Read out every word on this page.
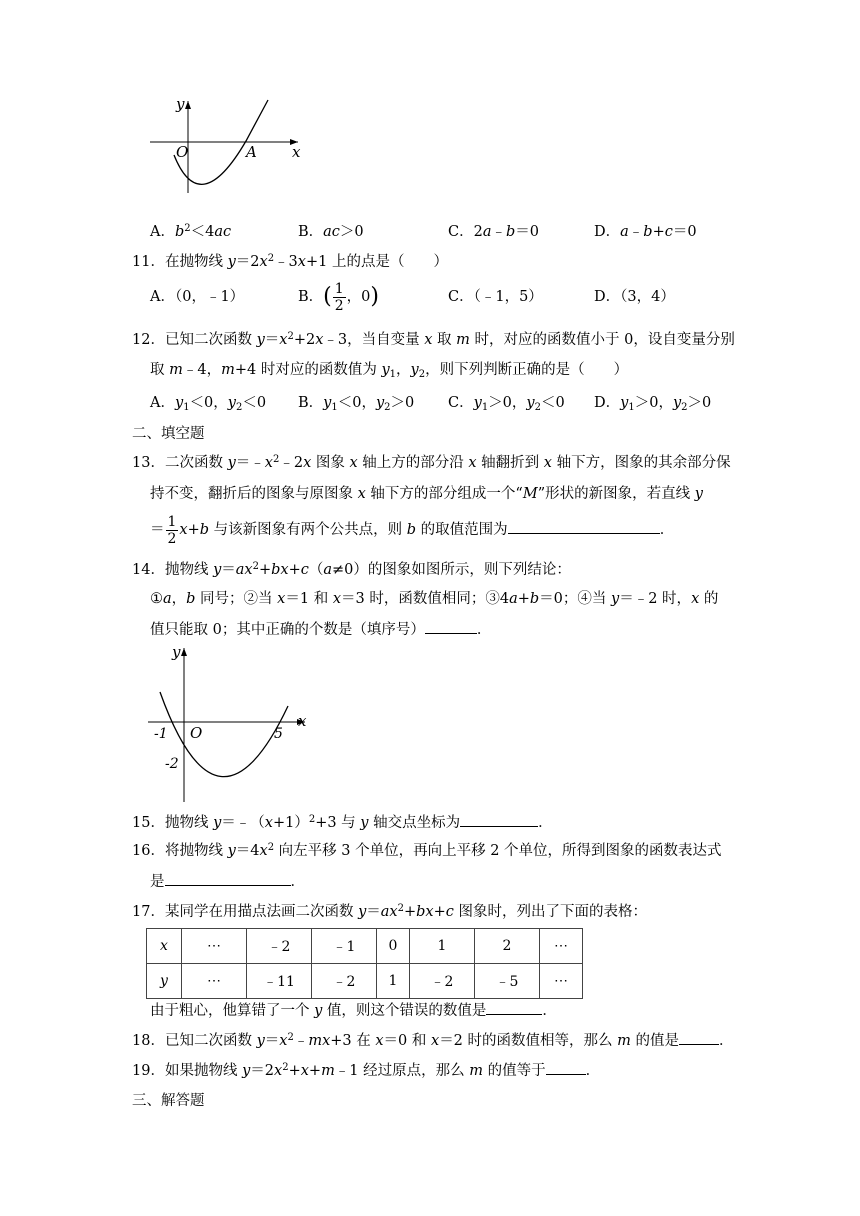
y
x
O	A
A．$b^2<4ac$	B．ac＞0	C．2a﹣b＝0	D．a﹣b+c＝0
11．在抛物线 $y=2x^2﹣3x+1$ 上的点是（　　）
A．（0，﹣1）	B．( $\frac{1}{2}$ ，0)	C．（﹣1，5）	D．（3，4）
12．已知二次函数 $y=x^2+2x﹣3$，当自变量 x 取 m 时，对应的函数值小于 0，设自变量分别
取 m﹣4，m+4 时对应的函数值为 $y_1$，$y_2$，则下列判断正确的是（　　）
A．$y_1<0$，$y_2<0$ B．$y_1<0$，$y_2>0$ C．$y_1>0$，$y_2<0$ D．$y_1>0$，$y_2>0$
二、填空题
13．二次函数 $y=﹣x^2﹣2x$ 图象 x 轴上方的部分沿 x 轴翻折到 x 轴下方，图象的其余部分保
持不变，翻折后的图象与原图象 x 轴下方的部分组成一个“M”形状的新图象，若直线 y
＝ $\frac{1}{2} x+b$ 与该新图象有两个公共点，则 b 的取值范围为	．
14．抛物线 $y=ax^2+bx+c(a\ne 0)$的图象如图所示，则下列结论：
①a，b 同号；②当 x＝1 和 x＝3 时，函数值相同；③4a+b＝0；④当 y＝﹣2 时，x 的
值只能取 0；其中正确的个数是（填序号）	．
y
x
O
-1	5
-2
15．抛物线 $y=﹣(x+1)^2+3$ 与 y 轴交点坐标为	．
16．将抛物线 $y=4x^2$ 向左平移 3 个单位，再向上平移 2 个单位，所得到图象的函数表达式
是	．
17．某同学在用描点法画二次函数 $y=ax^2+bx+c$ 图象时，列出了下面的表格：
x	⋯	﹣2	﹣1	0	1	2	⋯
y	⋯	﹣11	﹣2	1	﹣2	﹣5	⋯
由于粗心，他算错了一个 y 值，则这个错误的数值是	．
18．已知二次函数 $y=x^2﹣mx+3$ 在 x＝0 和 x＝2 时的函数值相等，那么 m 的值是	．
19．如果抛物线 $y=2x^2+x+m﹣1$ 经过原点，那么 m 的值等于	．
三、解答题
